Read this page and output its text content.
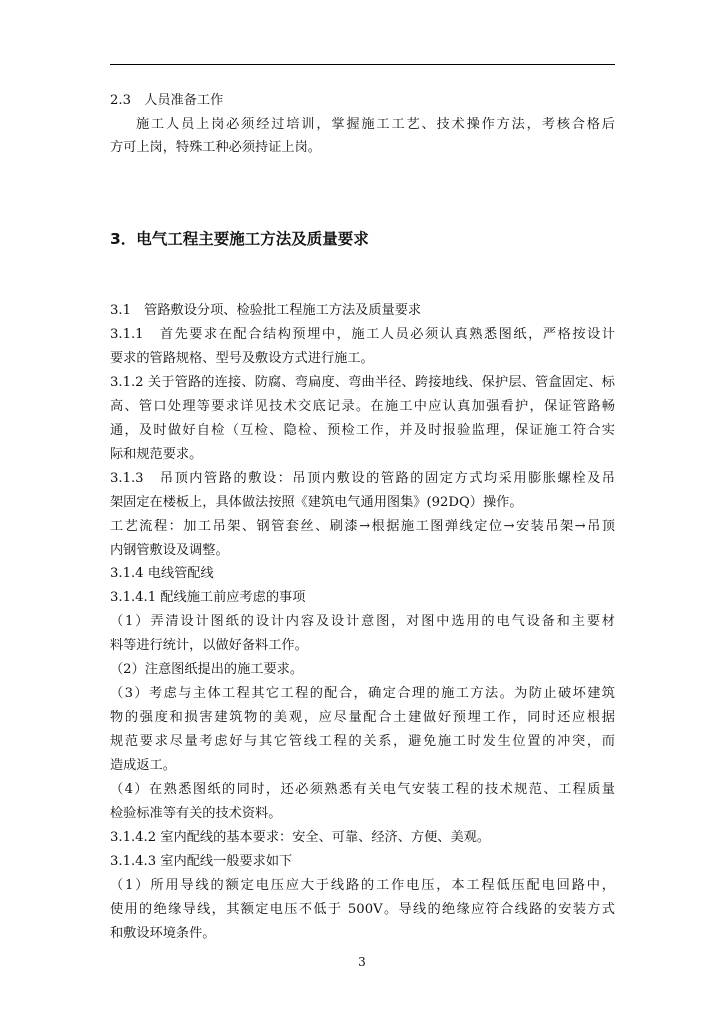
2.3　人员准备工作
施工人员上岗必须经过培训，掌握施工工艺、技术操作方法，考核合格后
方可上岗，特殊工种必须持证上岗。
3．电气工程主要施工方法及质量要求
3.1　管路敷设分项、检验批工程施工方法及质量要求
3.1.1　首先要求在配合结构预埋中，施工人员必须认真熟悉图纸，严格按设计
要求的管路规格、型号及敷设方式进行施工。
3.1.2 关于管路的连接、防腐、弯扁度、弯曲半径、跨接地线、保护层、管盒固定、标
高、管口处理等要求详见技术交底记录。在施工中应认真加强看护，保证管路畅
通，及时做好自检（互检、隐检、预检工作，并及时报验监理，保证施工符合实
际和规范要求。
3.1.3　吊顶内管路的敷设：吊顶内敷设的管路的固定方式均采用膨胀螺栓及吊
架固定在楼板上，具体做法按照《建筑电气通用图集》(92DQ）操作。
工艺流程：加工吊架、钢管套丝、刷漆→根据施工图弹线定位→安装吊架→吊顶
内钢管敷设及调整。
3.1.4 电线管配线
3.1.4.1 配线施工前应考虑的事项
（1）弄清设计图纸的设计内容及设计意图，对图中选用的电气设备和主要材
料等进行统计，以做好备料工作。
（2）注意图纸提出的施工要求。
（3）考虑与主体工程其它工程的配合，确定合理的施工方法。为防止破坏建筑
物的强度和损害建筑物的美观，应尽量配合土建做好预埋工作，同时还应根据
规范要求尽量考虑好与其它管线工程的关系，避免施工时发生位置的冲突，而
造成返工。
（4）在熟悉图纸的同时，还必须熟悉有关电气安装工程的技术规范、工程质量
检验标准等有关的技术资料。
3.1.4.2 室内配线的基本要求：安全、可靠、经济、方便、美观。
3.1.4.3 室内配线一般要求如下
（1）所用导线的额定电压应大于线路的工作电压，本工程低压配电回路中，
使用的绝缘导线，其额定电压不低于 500V。导线的绝缘应符合线路的安装方式
和敷设环境条件。
3
